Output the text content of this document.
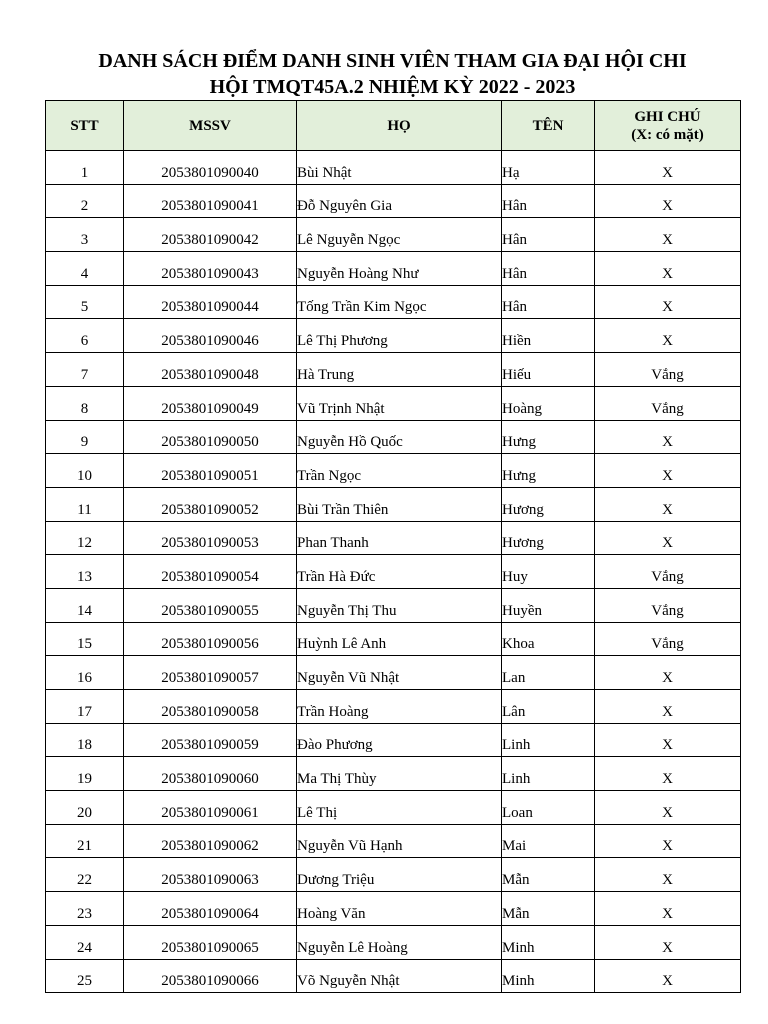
DANH SÁCH ĐIỂM DANH SINH VIÊN THAM GIA ĐẠI HỘI CHI
HỘI TMQT45A.2 NHIỆM KỲ 2022 - 2023
STT	MSSV	HỌ	TÊN	GHI CHÚ
(X: có mặt)

1	2053801090040	Bùi Nhật	Hạ	X
2	2053801090041	Đỗ Nguyên Gia	Hân	X
3	2053801090042	Lê Nguyễn Ngọc	Hân	X
4	2053801090043	Nguyễn Hoàng Như	Hân	X
5	2053801090044	Tống Trần Kim Ngọc	Hân	X
6	2053801090046	Lê Thị Phương	Hiền	X
7	2053801090048	Hà Trung	Hiếu	Vắng
8	2053801090049	Vũ Trịnh Nhật	Hoàng	Vắng
9	2053801090050	Nguyễn Hồ Quốc	Hưng	X
10	2053801090051	Trần Ngọc	Hưng	X
11	2053801090052	Bùi Trần Thiên	Hương	X
12	2053801090053	Phan Thanh	Hương	X
13	2053801090054	Trần Hà Đức	Huy	Vắng
14	2053801090055	Nguyễn Thị Thu	Huyền	Vắng
15	2053801090056	Huỳnh Lê Anh	Khoa	Vắng
16	2053801090057	Nguyễn Vũ Nhật	Lan	X
17	2053801090058	Trần Hoàng	Lân	X
18	2053801090059	Đào Phương	Linh	X
19	2053801090060	Ma Thị Thùy	Linh	X
20	2053801090061	Lê Thị	Loan	X
21	2053801090062	Nguyễn Vũ Hạnh	Mai	X
22	2053801090063	Dương Triệu	Mẫn	X
23	2053801090064	Hoàng Văn	Mẫn	X
24	2053801090065	Nguyễn Lê Hoàng	Minh	X
25	2053801090066	Võ Nguyễn Nhật	Minh	X
